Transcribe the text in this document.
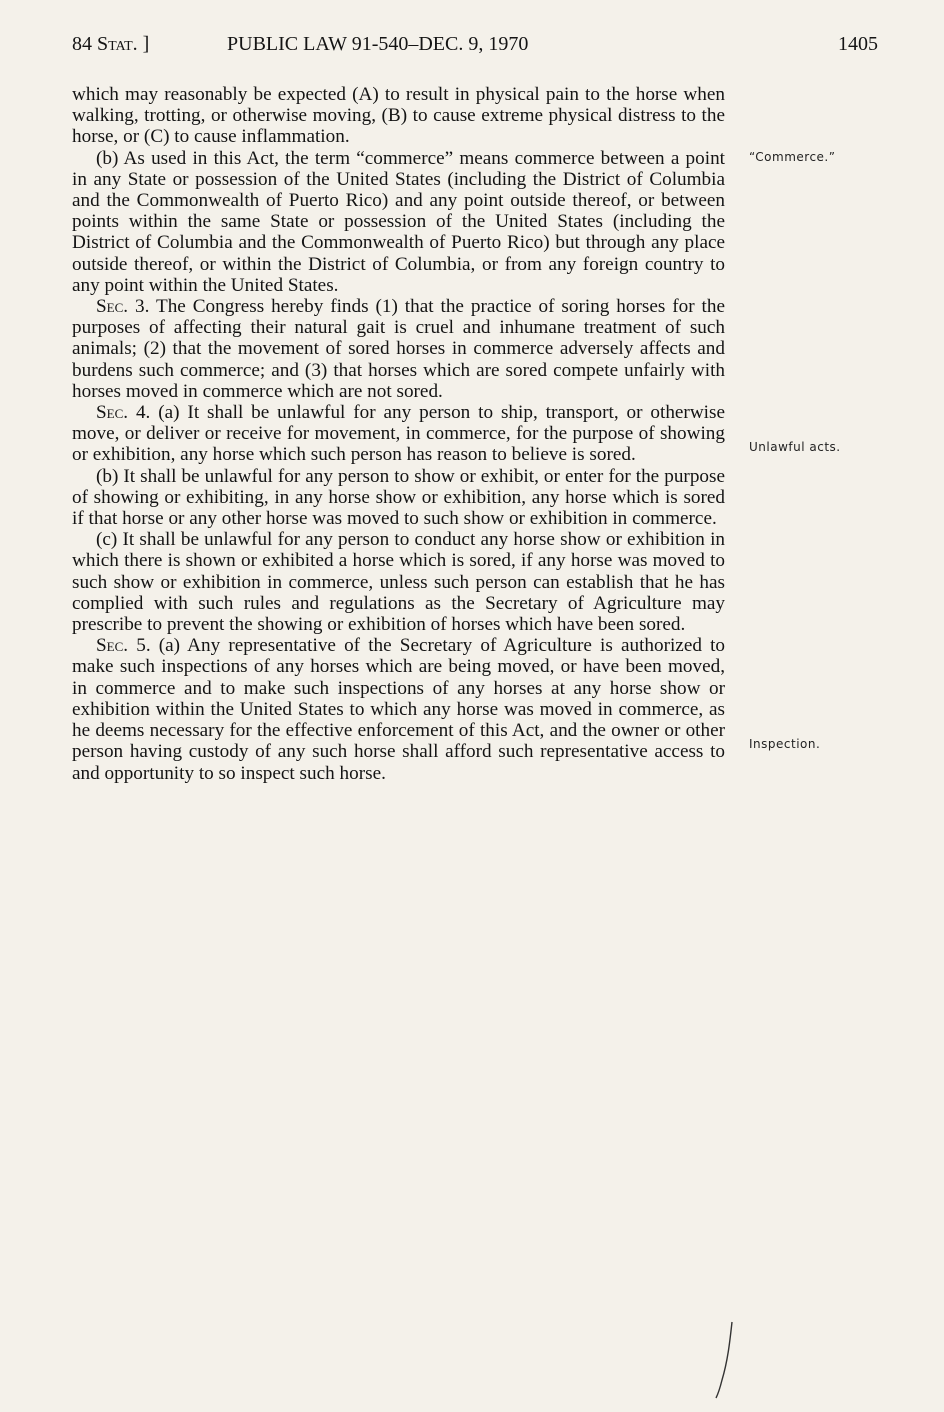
84 Stat. ]	PUBLIC LAW 91-540–DEC. 9, 1970	1405

which may reasonably be expected (A) to result in physical pain to the horse when walking, trotting, or otherwise moving, (B) to cause extreme physical distress to the horse, or (C) to cause inflammation.

(b) As used in this Act, the term “commerce” means commerce between a point in any State or possession of the United States (including the District of Columbia and the Commonwealth of Puerto Rico) and any point outside thereof, or between points within the same State or possession of the United States (including the District of Columbia and the Commonwealth of Puerto Rico) but through any place outside thereof, or within the District of Columbia, or from any foreign country to any point within the United States.

Sec. 3. The Congress hereby finds (1) that the practice of soring horses for the purposes of affecting their natural gait is cruel and inhumane treatment of such animals; (2) that the movement of sored horses in commerce adversely affects and burdens such commerce; and (3) that horses which are sored compete unfairly with horses moved in commerce which are not sored.

Sec. 4. (a) It shall be unlawful for any person to ship, transport, or otherwise move, or deliver or receive for movement, in commerce, for the purpose of showing or exhibition, any horse which such person has reason to believe is sored.

(b) It shall be unlawful for any person to show or exhibit, or enter for the purpose of showing or exhibiting, in any horse show or exhibition, any horse which is sored if that horse or any other horse was moved to such show or exhibition in commerce.

(c) It shall be unlawful for any person to conduct any horse show or exhibition in which there is shown or exhibited a horse which is sored, if any horse was moved to such show or exhibition in commerce, unless such person can establish that he has complied with such rules and regulations as the Secretary of Agriculture may prescribe to prevent the showing or exhibition of horses which have been sored.

Sec. 5. (a) Any representative of the Secretary of Agriculture is authorized to make such inspections of any horses which are being moved, or have been moved, in commerce and to make such inspections of any horses at any horse show or exhibition within the United States to which any horse was moved in commerce, as he deems necessary for the effective enforcement of this Act, and the owner or other person having custody of any such horse shall afford such representative access to and opportunity to so inspect such horse.

“Commerce.”
Unlawful acts.
Inspection.
